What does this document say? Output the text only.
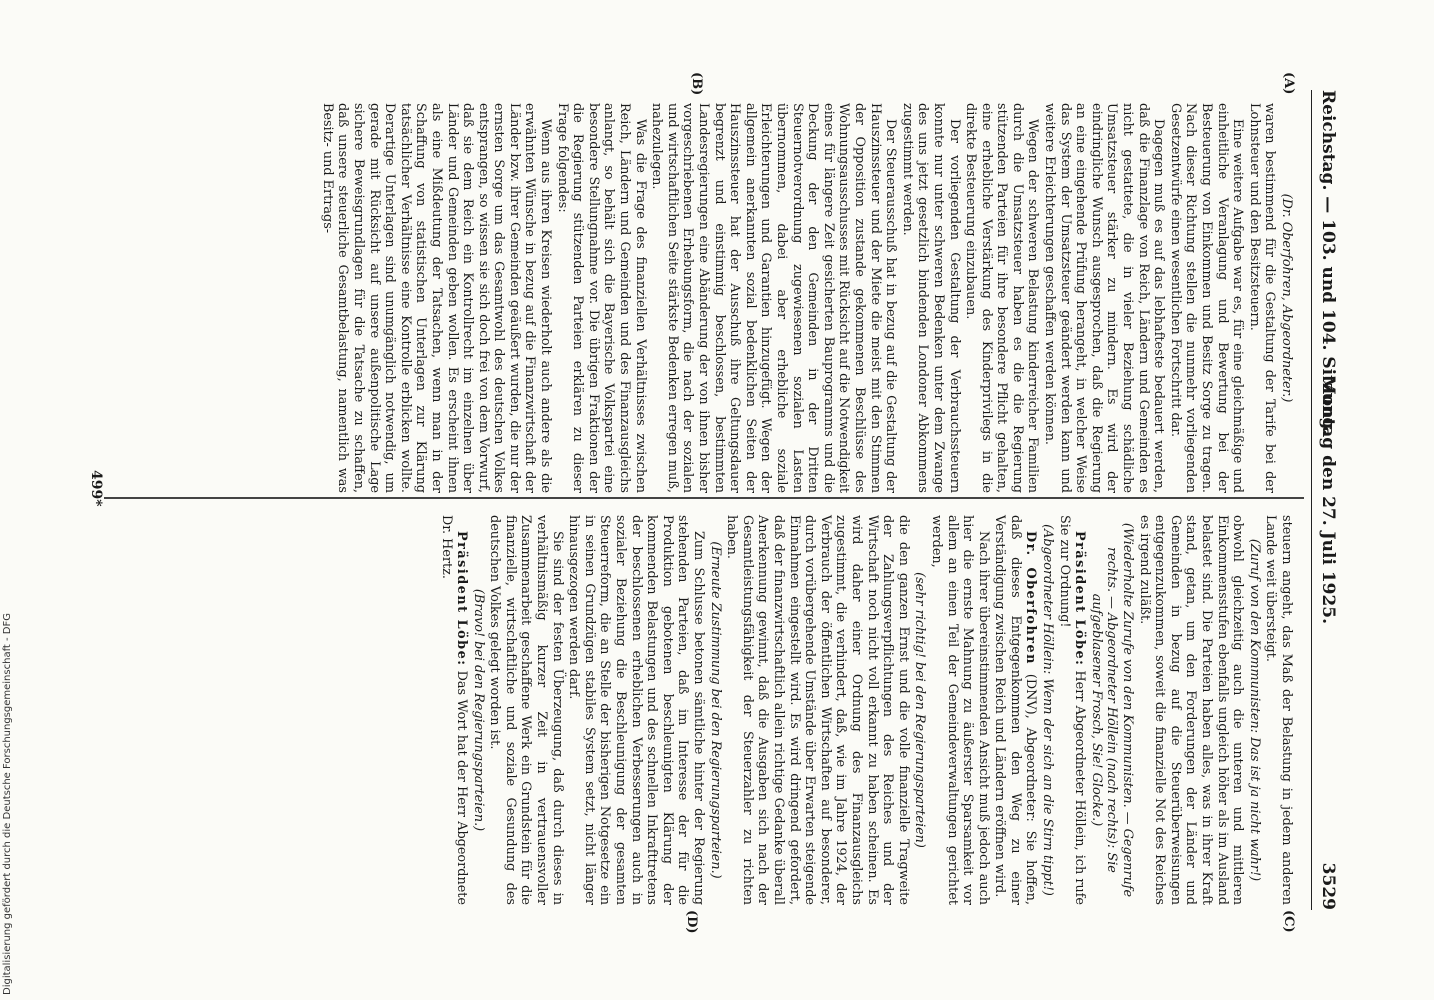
Reichstag. — 103. und 104. Sitzung.
Montag den 27. Juli 1925.
3529
(A)
(B)
(C)
(D)

(Dr. Oberfohren, Abgeordneter.)

waren bestimmend für die Gestaltung der Tarife bei der Lohnsteuer und den Besitzsteuern.

Eine weitere Aufgabe war es, für eine gleichmäßige und einheitliche Veranlagung und Bewertung bei der Besteuerung von Einkommen und Besitz Sorge zu tragen. Nach dieser Richtung stellen die nunmehr vorliegenden Gesetzentwürfe einen wesentlichen Fortschritt dar.

Dagegen muß es auf das lebhafteste bedauert werden, daß die Finanzlage von Reich, Ländern und Gemeinden es nicht gestattete, die in vieler Beziehung schädliche Umsatzsteuer stärker zu mindern. Es wird der eindringliche Wunsch ausgesprochen, daß die Regierung an eine eingehende Prüfung herangeht, in welcher Weise das System der Umsatzsteuer geändert werden kann und weitere Erleichterungen geschaffen werden können.

Wegen der schweren Belastung kinderreicher Familien durch die Umsatzsteuer haben es die die Regierung stützenden Parteien für ihre besondere Pflicht gehalten, eine erhebliche Verstärkung des Kinderprivilegs in die direkte Besteuerung einzubauen.

Der vorliegenden Gestaltung der Verbrauchssteuern konnte nur unter schweren Bedenken unter dem Zwange des uns jetzt gesetzlich bindenden Londoner Abkommens zugestimmt werden.

Der Steuerausschuß hat in bezug auf die Gestaltung der Hauszinssteuer und der Miete die meist mit den Stimmen der Opposition zustande gekommenen Beschlüsse des Wohnungsausschusses mit Rücksicht auf die Notwendigkeit eines für längere Zeit gesicherten Bauprogramms und die Deckung der den Gemeinden in der Dritten Steuernotverordnung zugewiesenen sozialen Lasten übernommen, dabei aber erhebliche soziale Erleichterungen und Garantien hinzugefügt. Wegen der allgemein anerkannten sozial bedenklichen Seiten der Hauszinssteuer hat der Ausschuß ihre Geltungsdauer begrenzt und einstimmig beschlossen, bestimmten Landesregierungen eine Abänderung der von ihnen bisher vorgeschriebenen Erhebungsform, die nach der sozialen und wirtschaftlichen Seite stärkste Bedenken erregen muß, nahezulegen.

Was die Frage des finanziellen Verhältnisses zwischen Reich, Ländern und Gemeinden und des Finanzausgleichs anlangt, so behält sich die Bayerische Volkspartei eine besondere Stellungnahme vor. Die übrigen Fraktionen der die Regierung stützenden Parteien erklären zu dieser Frage folgendes:

Wenn aus ihren Kreisen wiederholt auch andere als die erwähnten Wünsche in bezug auf die Finanzwirtschaft der Länder bzw. ihrer Gemeinden geäußert wurden, die nur der ernsten Sorge um das Gesamtwohl des deutschen Volkes entsprangen, so wissen sie sich doch frei von dem Vorwurf, daß sie dem Reich ein Kontrollrecht im einzelnen über Länder und Gemeinden geben wollen. Es erscheint ihnen als eine Mißdeutung der Tatsachen, wenn man in der Schaffung von statistischen Unterlagen zur Klärung tatsächlicher Verhältnisse eine Kontrolle erblicken wollte. Derartige Unterlagen sind unumgänglich notwendig, um gerade mit Rücksicht auf unsere außenpolitische Lage sichere Beweisgrundlagen für die Tatsache zu schaffen, daß unsere steuerliche Gesamtbelastung, namentlich was Besitz- und Ertrags-

steuern angeht, das Maß der Belastung in jedem anderen Lande weit übersteigt.

(Zuruf von den Kommunisten: Das ist ja nicht wahr!)

obwohl gleichzeitig auch die unteren und mittleren Einkommensstufen ebenfalls ungleich höher als im Ausland belastet sind. Die Parteien haben alles, was in ihrer Kraft stand, getan, um den Forderungen der Länder und Gemeinden in bezug auf die Steuerüberweisungen entgegenzukommen, soweit die finanzielle Not des Reiches es irgend zuläßt.

(Wiederholte Zurufe von den Kommunisten. — Gegenrufe rechts. — Abgeordneter Höllein (nach rechts): Sie aufgeblasener Frosch, Sie! Glocke.)

Präsident Löbe: Herr Abgeordneter Höllein, ich rufe Sie zur Ordnung!

(Abgeordneter Höllein: Wenn der sich an die Stirn tippt!)

Dr. Oberfohren (DNV), Abgeordneter: Sie hoffen, daß dieses Entgegenkommen den Weg zu einer Verständigung zwischen Reich und Ländern eröffnen wird.

Nach ihrer übereinstimmenden Ansicht muß jedoch auch hier die ernste Mahnung zu äußerster Sparsamkeit vor allem an einen Teil der Gemeindeverwaltungen gerichtet werden,

(sehr richtig! bei den Regierungsparteien)

die den ganzen Ernst und die volle finanzielle Tragweite der Zahlungsverpflichtungen des Reiches und der Wirtschaft noch nicht voll erkannt zu haben scheinen. Es wird daher einer Ordnung des Finanzausgleichs zugestimmt, die verhindert, daß, wie im Jahre 1924, der Verbrauch der öffentlichen Wirtschaften auf besonderer, durch vorübergehende Umstände über Erwarten steigende Einnahmen eingestellt wird. Es wird dringend gefordert, daß der finanzwirtschaftlich allein richtige Gedanke überall Anerkennung gewinnt, daß die Ausgaben sich nach der Gesamtleistungsfähigkeit der Steuerzahler zu richten haben.

(Erneute Zustimmung bei den Regierungsparteien.)

Zum Schlusse betonen sämtliche hinter der Regierung stehenden Parteien, daß im Interesse der für die Produktion gebotenen beschleunigten Klärung der kommenden Belastungen und des schnellen Inkrafttretens der beschlossenen erheblichen Verbesserungen auch in sozialer Beziehung die Beschleunigung der gesamten Steuerreform, die an Stelle der bisherigen Notgesetze ein in seinen Grundzügen stabiles System setzt, nicht länger hinausgezogen werden darf.

Sie sind der festen Überzeugung, daß durch dieses in verhältnismäßig kurzer Zeit in vertrauensvoller Zusammenarbeit geschaffene Werk ein Grundstein für die finanzielle, wirtschaftliche und soziale Gesundung des deutschen Volkes gelegt worden ist.

(Bravo! bei den Regierungsparteien.)

Präsident Löbe: Das Wort hat der Herr Abgeordnete Dr. Hertz.

499*
Digitalisierung gefördert durch die Deutsche Forschungsgemeinschaft - DFG
